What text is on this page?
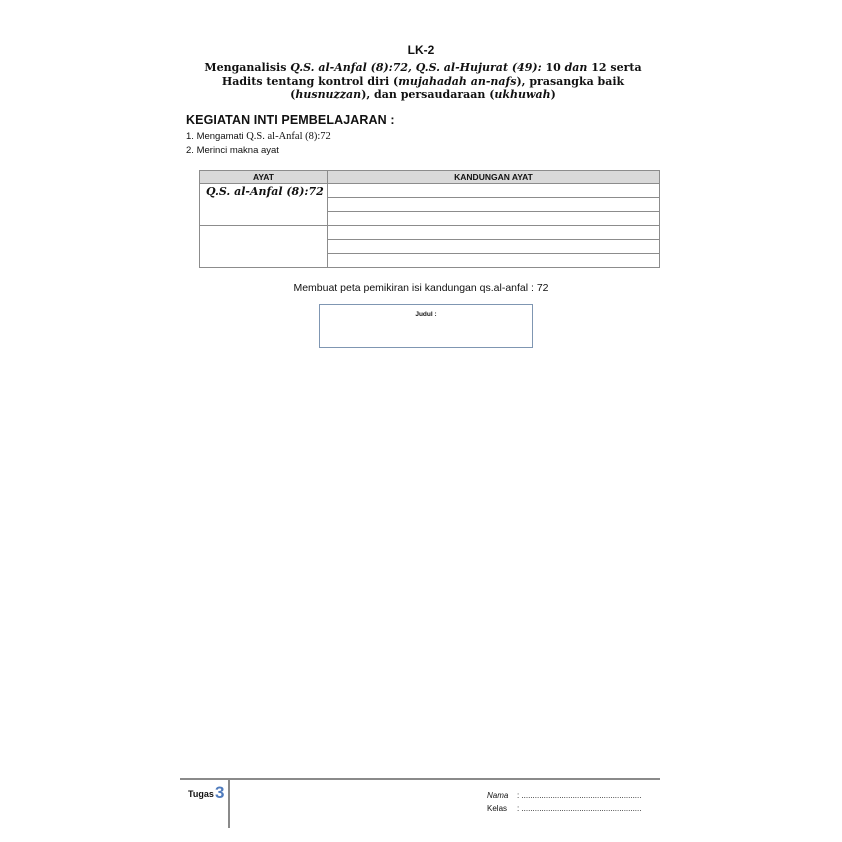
LK-2
Menganalisis Q.S. al-Anfal (8):72, Q.S. al-Hujurat (49): 10 dan 12 serta Hadits tentang kontrol diri (mujahadah an-nafs), prasangka baik (husnuzzan), dan persaudaraan (ukhuwah)
KEGIATAN INTI PEMBELAJARAN :
1. Mengamati Q.S. al-Anfal (8):72
2. Merinci makna ayat
AYAT	KANDUNGAN AYAT

Q.S. al-Anfal (8):72	

Membuat peta pemikiran isi kandungan qs.al-anfal : 72
Judul :
Tugas 3	Nama : ......................................................
Kelas : ......................................................
